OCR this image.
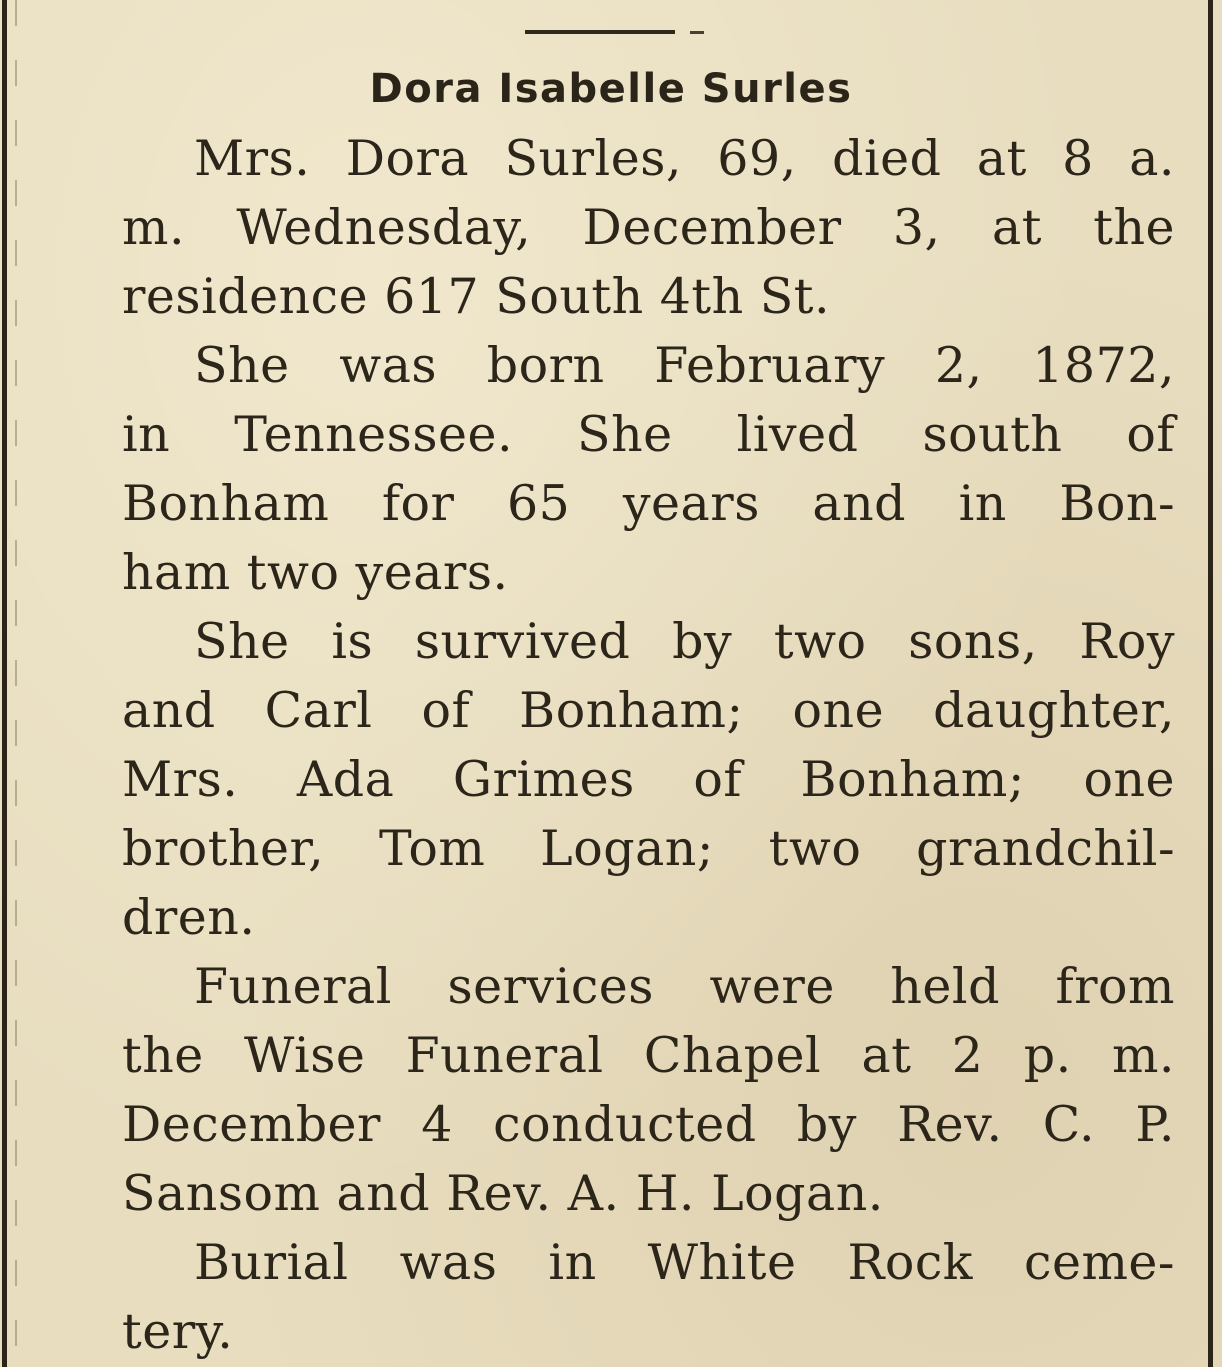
Dora Isabelle Surles
Mrs. Dora Surles, 69, died at 8 a.
m. Wednesday, December 3, at the
residence 617 South 4th St.
She was born February 2, 1872,
in Tennessee. She lived south of
Bonham for 65 years and in Bon-
ham two years.
She is survived by two sons, Roy
and Carl of Bonham; one daughter,
Mrs. Ada Grimes of Bonham; one
brother, Tom Logan; two grandchil-
dren.
Funeral services were held from
the Wise Funeral Chapel at 2 p. m.
December 4 conducted by Rev. C. P.
Sansom and Rev. A. H. Logan.
Burial was in White Rock ceme-
tery.
